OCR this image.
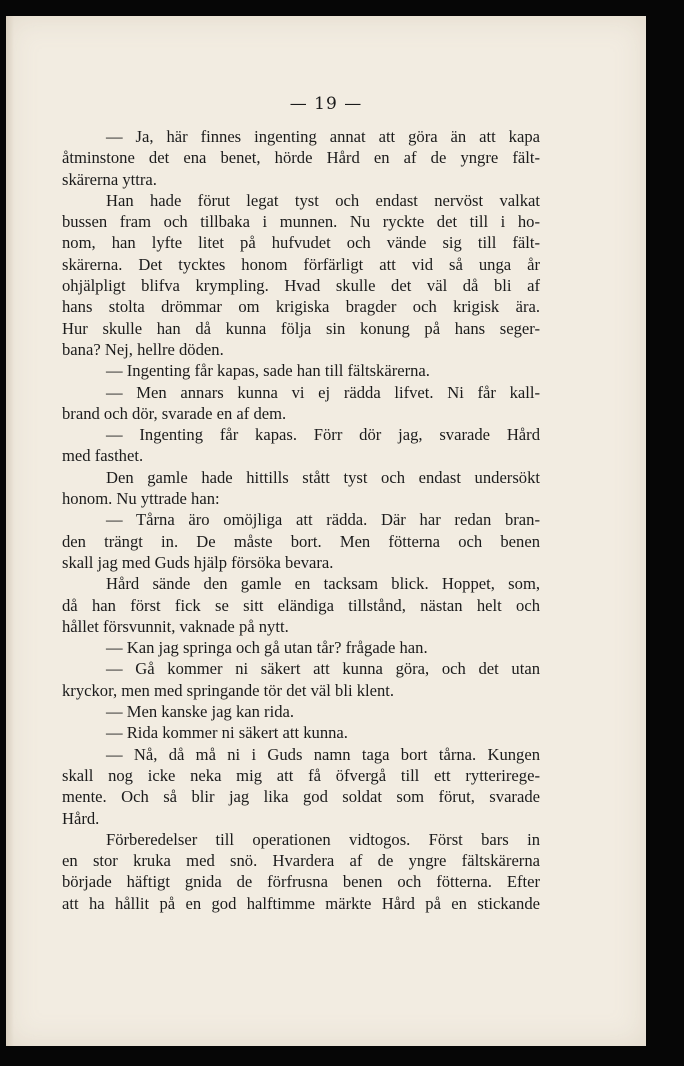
— 19 —
— Ja, här finnes ingenting annat att göra än att kapa
åtminstone det ena benet, hörde Hård en af de yngre fält-
skärerna yttra.
Han hade förut legat tyst och endast nervöst valkat
bussen fram och tillbaka i munnen. Nu ryckte det till i ho-
nom, han lyfte litet på hufvudet och vände sig till fält-
skärerna. Det tycktes honom förfärligt att vid så unga år
ohjälpligt blifva krympling. Hvad skulle det väl då bli af
hans stolta drömmar om krigiska bragder och krigisk ära.
Hur skulle han då kunna följa sin konung på hans seger-
bana? Nej, hellre döden.
— Ingenting får kapas, sade han till fältskärerna.
— Men annars kunna vi ej rädda lifvet. Ni får kall-
brand och dör, svarade en af dem.
— Ingenting får kapas. Förr dör jag, svarade Hård
med fasthet.
Den gamle hade hittills stått tyst och endast undersökt
honom. Nu yttrade han:
— Tårna äro omöjliga att rädda. Där har redan bran-
den trängt in. De måste bort. Men fötterna och benen
skall jag med Guds hjälp försöka bevara.
Hård sände den gamle en tacksam blick. Hoppet, som,
då han först fick se sitt eländiga tillstånd, nästan helt och
hållet försvunnit, vaknade på nytt.
— Kan jag springa och gå utan tår? frågade han.
— Gå kommer ni säkert att kunna göra, och det utan
kryckor, men med springande tör det väl bli klent.
— Men kanske jag kan rida.
— Rida kommer ni säkert att kunna.
— Nå, då må ni i Guds namn taga bort tårna. Kungen
skall nog icke neka mig att få öfvergå till ett rytterirege-
mente. Och så blir jag lika god soldat som förut, svarade
Hård.
Förberedelser till operationen vidtogos. Först bars in
en stor kruka med snö. Hvardera af de yngre fältskärerna
började häftigt gnida de förfrusna benen och fötterna. Efter
att ha hållit på en god halftimme märkte Hård på en stickande
